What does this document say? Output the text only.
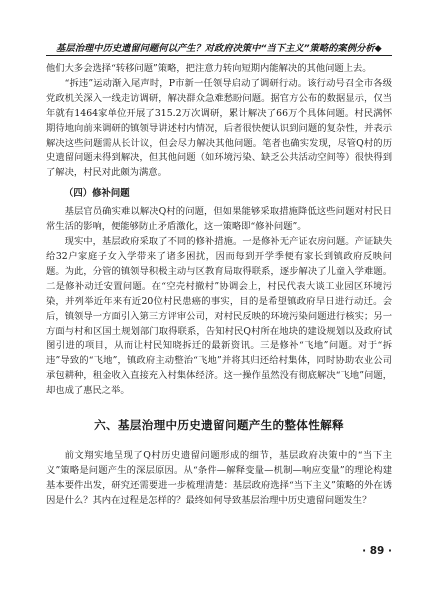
基层治理中历史遗留问题何以产生？对政府决策中“当下主义”策略的案例分析◆

他们大多会选择“转移问题”策略，把注意力转向短期内能解决的其他问题上去。

“拆违”运动渐入尾声时，P市新一任领导启动了调研行动。该行动号召全市各级党政机关深入一线走访调研，解决群众急难愁盼问题。据官方公布的数据显示，仅当年就有1464家单位开展了315.2万次调研，累计解决了66万个具体问题。村民满怀期待地向前来调研的镇领导讲述村内情况，后者很快便认识到问题的复杂性，并表示解决这些问题需从长计议，但会尽力解决其他问题。笔者也确实发现，尽管Q村的历史遗留问题未得到解决，但其他问题（如环境污染、缺乏公共活动空间等）很快得到了解决，村民对此颇为满意。

（四）修补问题

基层官员确实难以解决Q村的问题，但如果能够采取措施降低这些问题对村民日常生活的影响，便能够防止矛盾激化，这一策略即“修补问题”。

现实中，基层政府采取了不同的修补措施。一是修补无产证农房问题。产证缺失给32户家庭子女入学带来了诸多困扰，因而每到开学季便有家长到镇政府反映问题。为此，分管的镇领导积极主动与区教育局取得联系，逐步解决了儿童入学难题。二是修补动迁安置问题。在“空壳村撤村”协调会上，村民代表大谈工业园区环境污染，并列举近年来有近20位村民患癌的事实，目的是希望镇政府早日进行动迁。会后，镇领导一方面引入第三方评审公司，对村民反映的环境污染问题进行核实；另一方面与村和区国土规划部门取得联系，告知村民Q村所在地块的建设规划以及政府试图引进的项目，从而让村民知晓拆迁的最新资讯。三是修补“飞地”问题。对于“拆违”导致的“飞地”，镇政府主动整治“飞地”并将其归还给村集体，同时协助农业公司承包耕种，租金收入直接充入村集体经济。这一操作虽然没有彻底解决“飞地”问题，却也成了惠民之举。

六、基层治理中历史遗留问题产生的整体性解释

前文翔实地呈现了Q村历史遗留问题形成的细节，基层政府决策中的“当下主义”策略是问题产生的深层原因。从“条件—解释变量—机制—响应变量”的理论构建基本要件出发，研究还需要进一步梳理清楚：基层政府选择“当下主义”策略的外在诱因是什么？其内在过程是怎样的？最终如何导致基层治理中历史遗留问题发生？

· 89 ·
